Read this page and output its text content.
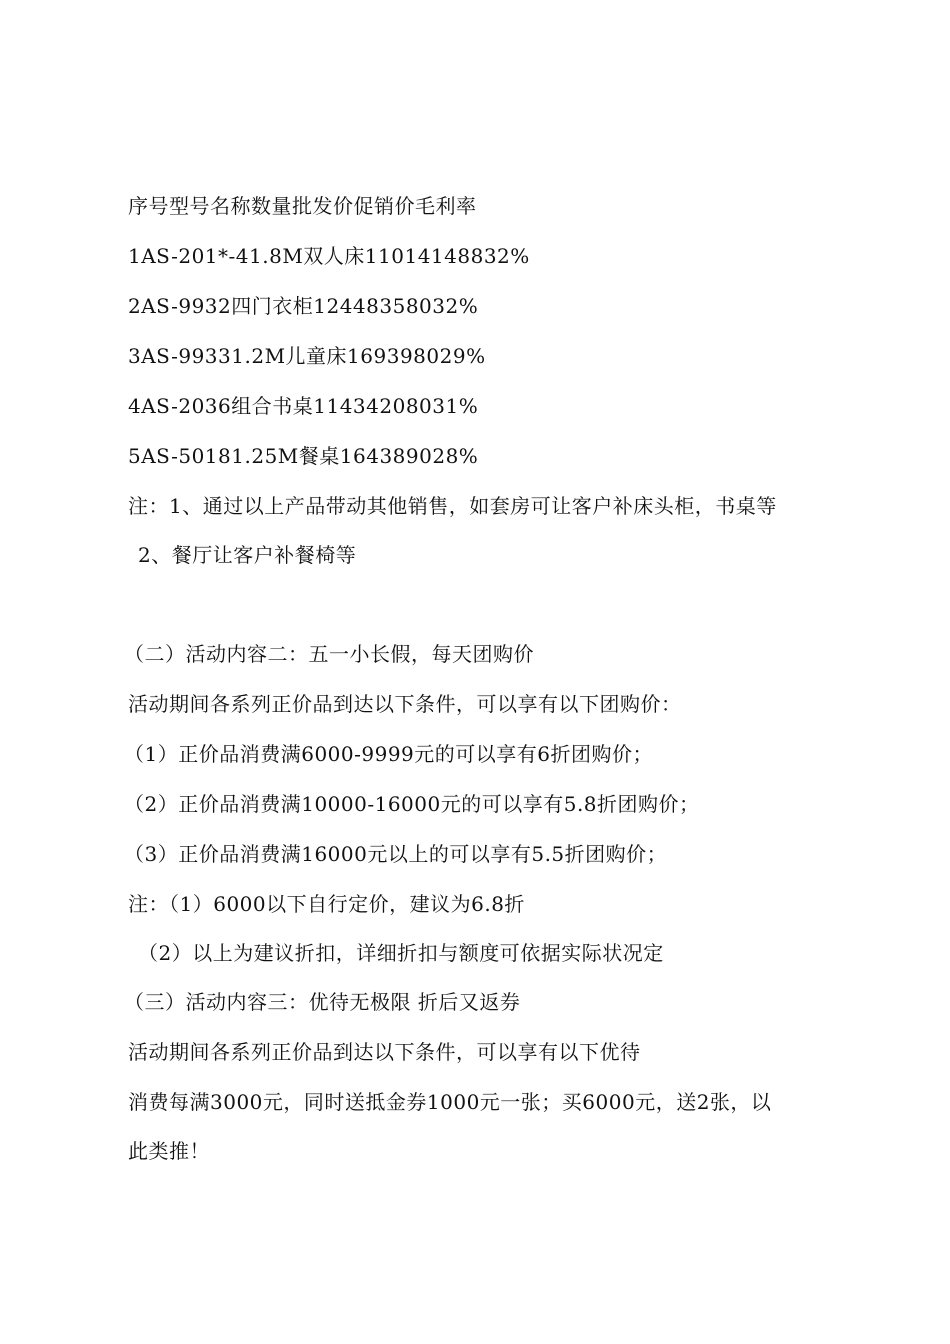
序号型号名称数量批发价促销价毛利率
1AS-201*-41.8M双人床11014148832%
2AS-9932四门衣柜12448358032%
3AS-99331.2M儿童床169398029%
4AS-2036组合书桌11434208031%
5AS-50181.25M餐桌164389028%
注：1、通过以上产品带动其他销售，如套房可让客户补床头柜，书桌等
2、餐厅让客户补餐椅等
（二）活动内容二：五一小长假，每天团购价
活动期间各系列正价品到达以下条件，可以享有以下团购价：
（1）正价品消费满6000-9999元的可以享有6折团购价；
（2）正价品消费满10000-16000元的可以享有5.8折团购价；
（3）正价品消费满16000元以上的可以享有5.5折团购价；
注：（1）6000以下自行定价，建议为6.8折
（2）以上为建议折扣，详细折扣与额度可依据实际状况定
（三）活动内容三：优待无极限 折后又返券
活动期间各系列正价品到达以下条件，可以享有以下优待
消费每满3000元，同时送抵金券1000元一张；买6000元，送2张，以
此类推！
